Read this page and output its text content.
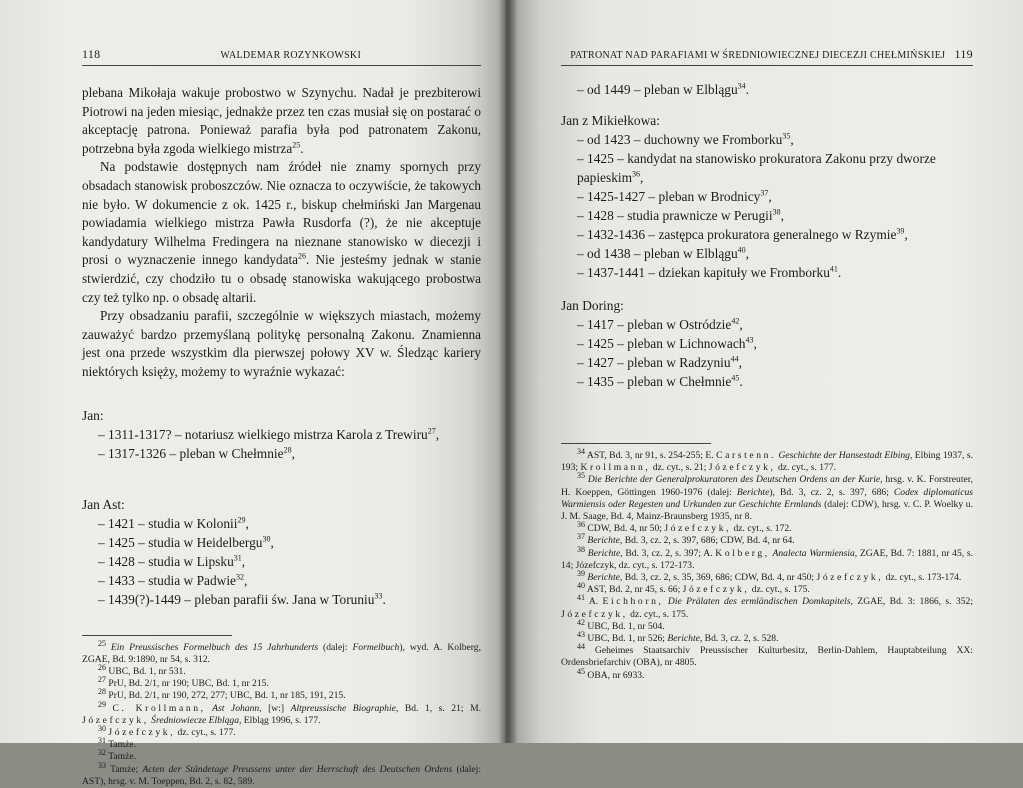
118	WALDEMAR ROZYNKOWSKI

plebana Mikołaja wakuje probostwo w Szynychu. Nadał je prezbiterowi Piotrowi na jeden miesiąc, jednakże przez ten czas musiał się on postarać o akceptację patrona. Ponieważ parafia była pod patronatem Zakonu, potrzebna była zgoda wielkiego mistrza$^{25}$.

Na podstawie dostępnych nam źródeł nie znamy spornych przy obsadach stanowisk proboszczów. Nie oznacza to oczywiście, że takowych nie było. W dokumencie z ok. 1425 r., biskup chełmiński Jan Margenau powiadamia wielkiego mistrza Pawła Rusdorfa (?), że nie akceptuje kandydatury Wilhelma Fredingera na nieznane stanowisko w diecezji i prosi o wyznaczenie innego kandydata$^{26}$. Nie jesteśmy jednak w stanie stwierdzić, czy chodziło tu o obsadę stanowiska wakującego probostwa czy też tylko np. o obsadę altarii.

Przy obsadzaniu parafii, szczególnie w większych miastach, możemy zauważyć bardzo przemyślaną politykę personalną Zakonu. Znamienna jest ona przede wszystkim dla pierwszej połowy XV w. Śledząc kariery niektórych księży, możemy to wyraźnie wykazać:

Jan:

– 1311-1317? – notariusz wielkiego mistrza Karola z Trewiru$^{27}$,

– 1317-1326 – pleban w Chełmnie$^{28}$,

Jan Ast:

– 1421 – studia w Kolonii$^{29}$,

– 1425 – studia w Heidelbergu$^{30}$,

– 1428 – studia w Lipsku$^{31}$,

– 1433 – studia w Padwie$^{32}$,

– 1439(?)-1449 – pleban parafii św. Jana w Toruniu$^{33}$.

$^{25}$ Ein Preussisches Formelbuch des 15 Jahrhunderts (dalej: Formelbuch), wyd. A. Kolberg, ZGAE, Bd. 9:1890, nr 54, s. 312.

$^{26}$ UBC, Bd. 1, nr 531.

$^{27}$ PrU, Bd. 2/1, nr 190; UBC, Bd. 1, nr 215.

$^{28}$ PrU, Bd. 2/1, nr 190, 272, 277; UBC, Bd. 1, nr 185, 191, 215.

$^{29}$ C. Krollmann, Ast Johann, [w:] Altpreussische Biographie, Bd. 1, s. 21; M. Józefczyk, Średniowiecze Elbląga, Elbląg 1996, s. 177.

$^{30}$ Józefczyk, dz. cyt., s. 177.

$^{31}$ Tamże.

$^{32}$ Tamże.

$^{33}$ Tamże; Acten der Ständetage Preussens unter der Herrschaft des Deutschen Ordens (dalej: AST), hrsg. v. M. Toeppen, Bd. 2, s. 82, 589.

PATRONAT NAD PARAFIAMI W ŚREDNIOWIECZNEJ DIECEZJI CHEŁMIŃSKIEJ 119

– od 1449 – pleban w Elblągu$^{34}$.

Jan z Mikiełkowa:

– od 1423 – duchowny we Fromborku$^{35}$,

– 1425 – kandydat na stanowisko prokuratora Zakonu przy dworze papieskim$^{36}$,

– 1425-1427 – pleban w Brodnicy$^{37}$,

– 1428 – studia prawnicze w Perugii$^{38}$,

– 1432-1436 – zastępca prokuratora generalnego w Rzymie$^{39}$,

– od 1438 – pleban w Elblągu$^{40}$,

– 1437-1441 – dziekan kapituły we Fromborku$^{41}$.

Jan Doring:

– 1417 – pleban w Ostródzie$^{42}$,

– 1425 – pleban w Lichnowach$^{43}$,

– 1427 – pleban w Radzyniu$^{44}$,

– 1435 – pleban w Chełmnie$^{45}$.

$^{34}$ AST, Bd. 3, nr 91, s. 254-255; E. Carstenn. Geschichte der Hansestadt Elbing, Elbing 1937, s. 193; Krollmann, dz. cyt., s. 21; Józefczyk, dz. cyt., s. 177.

$^{35}$ Die Berichte der Generalprokuratoren des Deutschen Ordens an der Kurie, hrsg. v. K. Forstreuter, H. Koeppen, Göttingen 1960-1976 (dalej: Berichte), Bd. 3, cz. 2, s. 397, 686; Codex diplomaticus Warmiensis oder Regesten und Urkunden zur Geschichte Ermlands (dalej: CDW), hrsg. v. C. P. Woelky u. J. M. Saage, Bd. 4, Mainz-Braunsberg 1935, nr 8.

$^{36}$ CDW, Bd. 4, nr 50; Józefczyk, dz. cyt., s. 172.

$^{37}$ Berichte, Bd. 3, cz. 2, s. 397, 686; CDW, Bd. 4, nr 64.

$^{38}$ Berichte, Bd. 3, cz. 2, s. 397; A. Kolberg, Analecta Warmiensia, ZGAE, Bd. 7: 1881, nr 45, s. 14; Józefczyk, dz. cyt., s. 172-173.

$^{39}$ Berichte, Bd. 3, cz. 2, s. 35, 369, 686; CDW, Bd. 4, nr 450; Józefczyk, dz. cyt., s. 173-174.

$^{40}$ AST, Bd. 2, nr 45, s. 66; Józefczyk, dz. cyt., s. 175.

$^{41}$ A. Eichhorn, Die Prälaten des ermländischen Domkapitels, ZGAE, Bd. 3: 1866, s. 352; Józefczyk, dz. cyt., s. 175.

$^{42}$ UBC, Bd. 1, nr 504.

$^{43}$ UBC, Bd. 1, nr 526; Berichte, Bd. 3, cz. 2, s. 528.

$^{44}$ Geheimes Staatsarchiv Preussischer Kulturbesitz, Berlin-Dahlem, Hauptabteilung XX: Ordensbriefarchiv (OBA), nr 4805.

$^{45}$ OBA, nr 6933.
